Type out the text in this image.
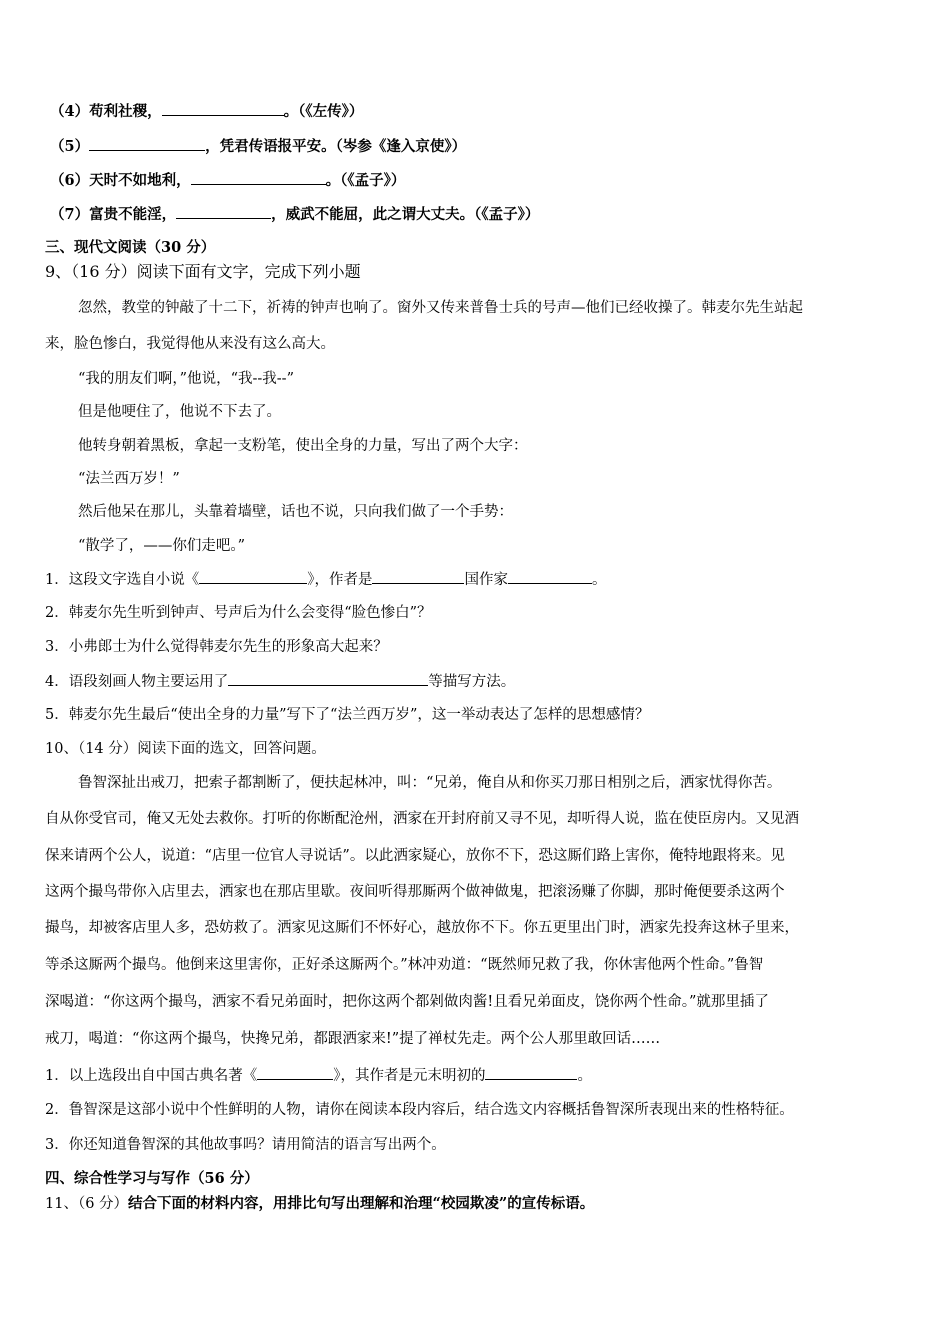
（4）苟利社稷，	。（《左传》）
（5）	，凭君传语报平安。（岑参《逢入京使》）
（6）天时不如地利，	。（《孟子》）
（7）富贵不能淫，	，威武不能屈，此之谓大丈夫。（《孟子》）
三、现代文阅读（30 分）
9、（16 分）阅读下面有文字，完成下列小题
忽然，教堂的钟敲了十二下，祈祷的钟声也响了。窗外又传来普鲁士兵的号声—他们已经收操了。韩麦尔先生站起
来，脸色惨白，我觉得他从来没有这么高大。
“我的朋友们啊，”他说，“我--我--”
但是他哽住了，他说不下去了。
他转身朝着黑板，拿起一支粉笔，使出全身的力量，写出了两个大字：
“法兰西万岁！”
然后他呆在那儿，头靠着墙壁，话也不说，只向我们做了一个手势：
“散学了，——你们走吧。”
1．这段文字选自小说《	》，作者是	国作家	。
2．韩麦尔先生听到钟声、号声后为什么会变得“脸色惨白”？
3．小弗郎士为什么觉得韩麦尔先生的形象高大起来？
4．语段刻画人物主要运用了	等描写方法。
5．韩麦尔先生最后“使出全身的力量”写下了“法兰西万岁”，这一举动表达了怎样的思想感情？
10、（14 分）阅读下面的选文，回答问题。
鲁智深扯出戒刀，把索子都割断了，便扶起林冲，叫：“兄弟，俺自从和你买刀那日相别之后，洒家忧得你苦。
自从你受官司，俺又无处去救你。打听的你断配沧州，洒家在开封府前又寻不见，却听得人说，监在使臣房内。又见酒
保来请两个公人，说道：“店里一位官人寻说话”。以此洒家疑心，放你不下，恐这厮们路上害你，俺特地跟将来。见
这两个撮鸟带你入店里去，洒家也在那店里歇。夜间听得那厮两个做神做鬼，把滚汤赚了你脚，那时俺便要杀这两个
撮鸟，却被客店里人多，恐妨救了。洒家见这厮们不怀好心，越放你不下。你五更里出门时，洒家先投奔这林子里来，
等杀这厮两个撮鸟。他倒来这里害你，正好杀这厮两个。”林冲劝道：“既然师兄救了我，你休害他两个性命。”鲁智
深喝道：“你这两个撮鸟，洒家不看兄弟面时，把你这两个都剁做肉酱!且看兄弟面皮，饶你两个性命。”就那里插了
戒刀，喝道：“你这两个撮鸟，快搀兄弟，都跟洒家来!”提了禅杖先走。两个公人那里敢回话……
1．以上选段出自中国古典名著《	》，其作者是元末明初的	。
2．鲁智深是这部小说中个性鲜明的人物，请你在阅读本段内容后，结合选文内容概括鲁智深所表现出来的性格特征。
3．你还知道鲁智深的其他故事吗？请用简洁的语言写出两个。
四、综合性学习与写作（56 分）
11、（6 分）结合下面的材料内容，用排比句写出理解和治理“校园欺凌”的宣传标语。
